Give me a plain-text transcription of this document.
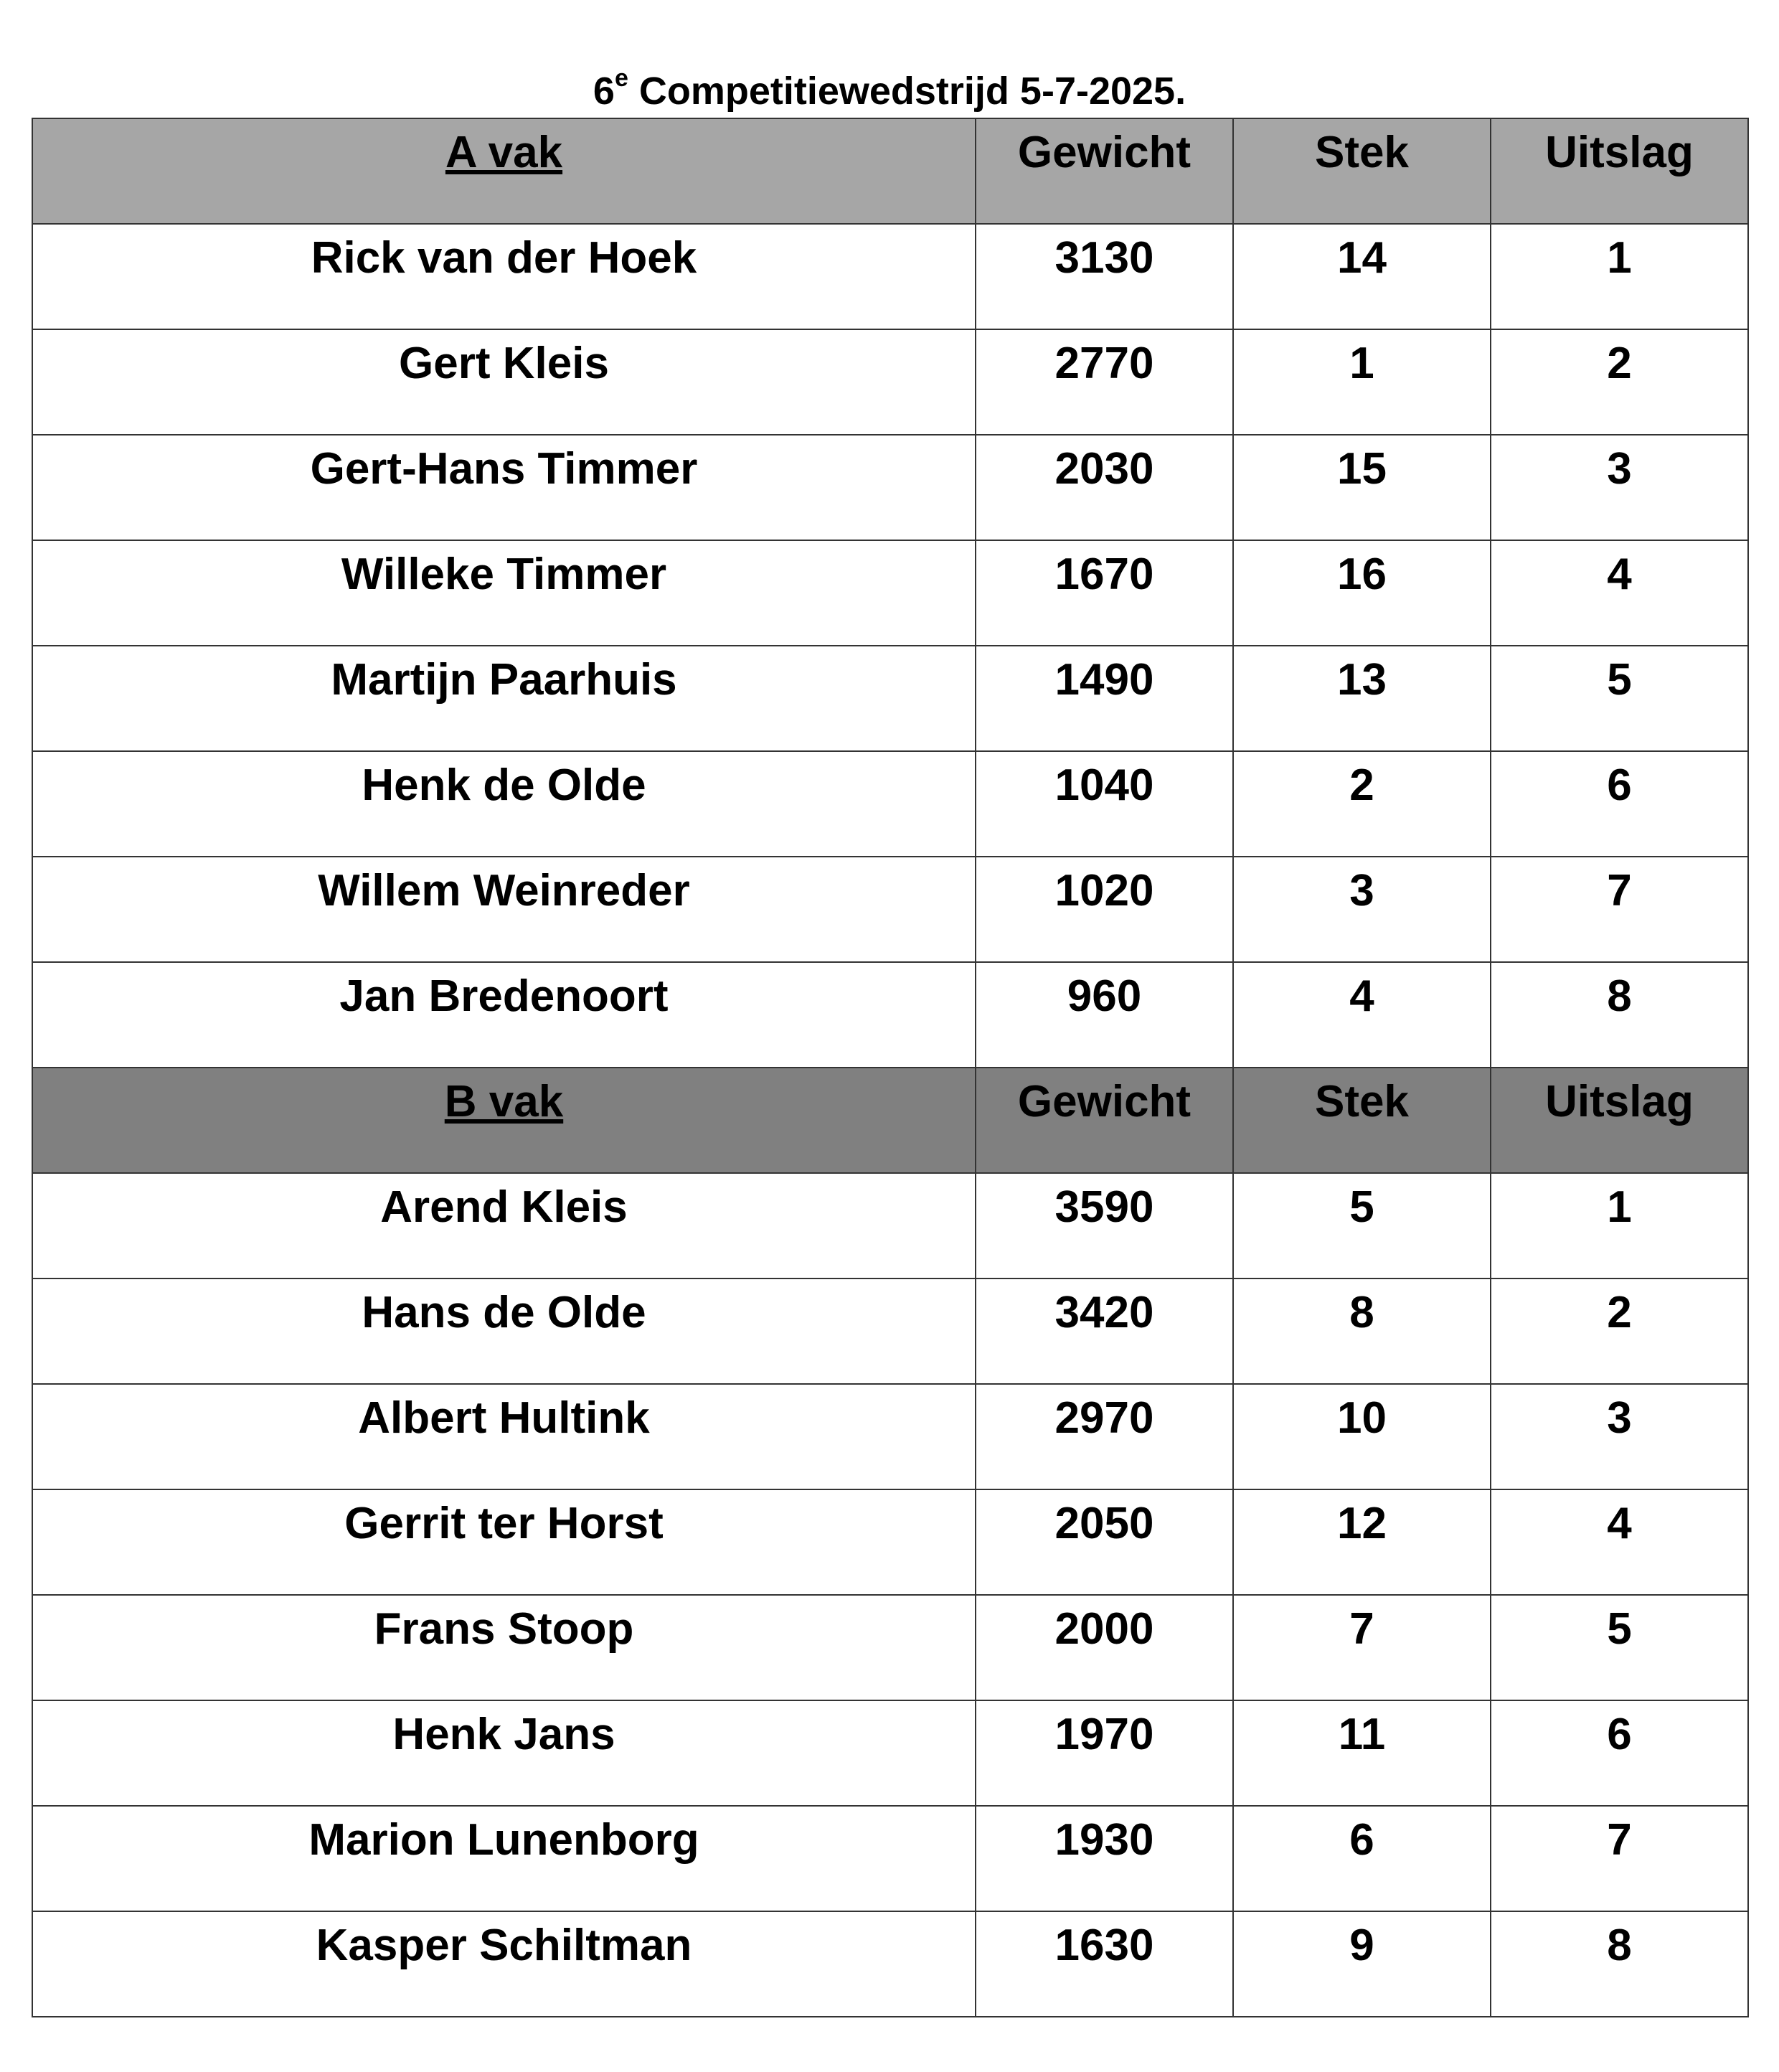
6e Competitiewedstrijd 5-7-2025.
A vak	Gewicht	Stek	Uitslag

Rick van der Hoek	3130	14	1

Gert Kleis	2770	1	2

Gert-Hans Timmer	2030	15	3

Willeke Timmer	1670	16	4

Martijn Paarhuis	1490	13	5

Henk de Olde	1040	2	6

Willem Weinreder	1020	3	7

Jan Bredenoort	960	4	8

B vak	Gewicht	Stek	Uitslag

Arend Kleis	3590	5	1

Hans de Olde	3420	8	2

Albert Hultink	2970	10	3

Gerrit ter Horst	2050	12	4

Frans Stoop	2000	7	5

Henk Jans	1970	11	6

Marion Lunenborg	1930	6	7

Kasper Schiltman	1630	9	8
